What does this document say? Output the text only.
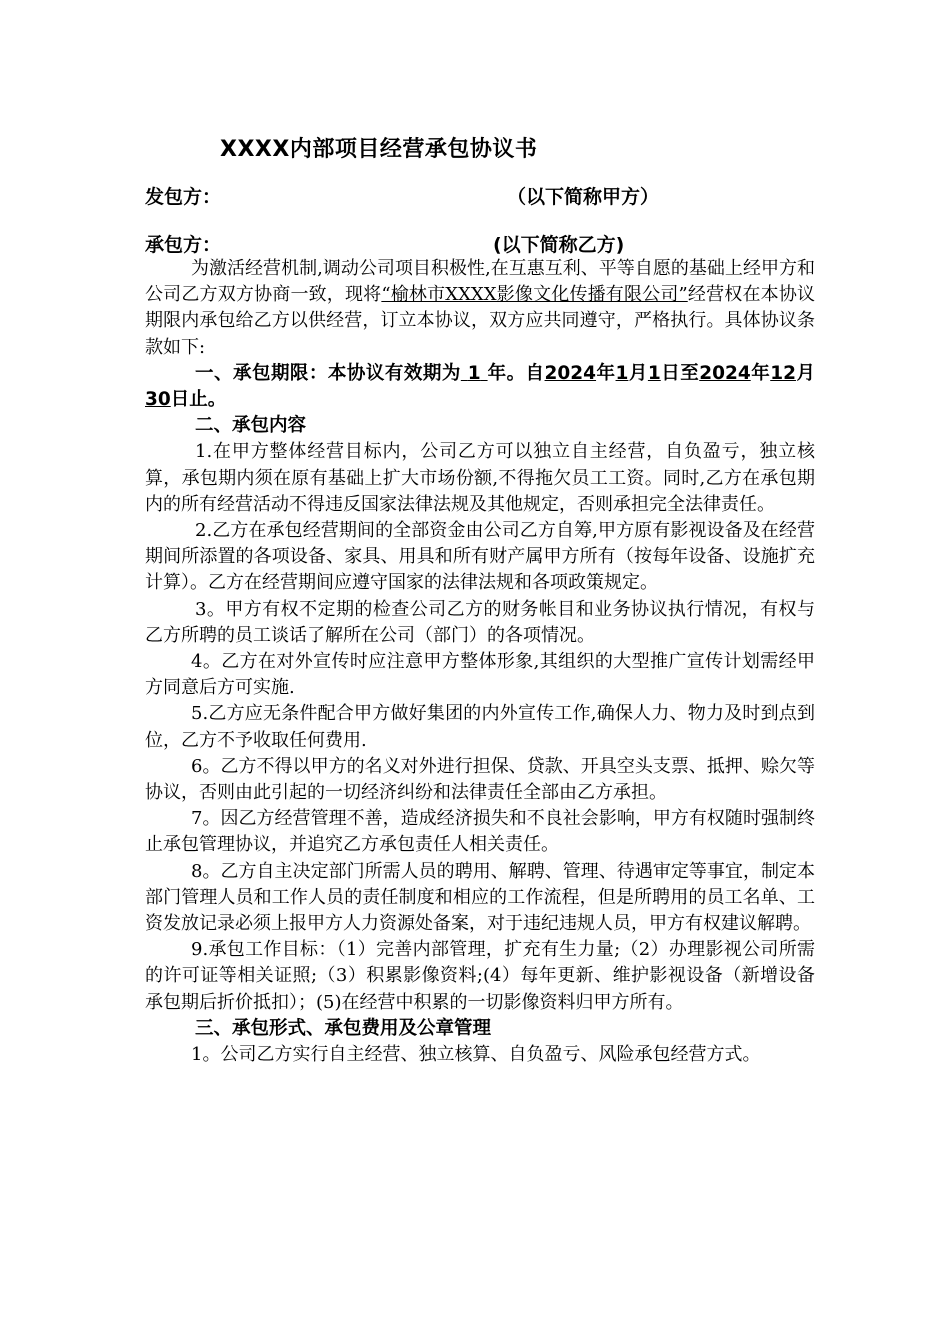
XXXX内部项目经营承包协议书
发包方：	（以下简称甲方）
承包方：	(以下简称乙方)

为激活经营机制,调动公司项目积极性,在互惠互利、平等自愿的基础上经甲方和公司乙方双方协商一致，现将“榆林市XXXX影像文化传播有限公司”经营权在本协议期限内承包给乙方以供经营，订立本协议，双方应共同遵守，严格执行。具体协议条款如下:

一、承包期限：本协议有效期为 1 年。自2024年1月1日至2024年12月30日止。

二、承包内容

1.在甲方整体经营目标内，公司乙方可以独立自主经营，自负盈亏，独立核算，承包期内须在原有基础上扩大市场份额,不得拖欠员工工资。同时,乙方在承包期内的所有经营活动不得违反国家法律法规及其他规定，否则承担完全法律责任。

2.乙方在承包经营期间的全部资金由公司乙方自筹,甲方原有影视设备及在经营期间所添置的各项设备、家具、用具和所有财产属甲方所有（按每年设备、设施扩充计算）。乙方在经营期间应遵守国家的法律法规和各项政策规定。

3。甲方有权不定期的检查公司乙方的财务帐目和业务协议执行情况，有权与乙方所聘的员工谈话了解所在公司（部门）的各项情况。

4。乙方在对外宣传时应注意甲方整体形象,其组织的大型推广宣传计划需经甲方同意后方可实施.

5.乙方应无条件配合甲方做好集团的内外宣传工作,确保人力、物力及时到点到位，乙方不予收取任何费用.

6。乙方不得以甲方的名义对外进行担保、贷款、开具空头支票、抵押、赊欠等协议，否则由此引起的一切经济纠纷和法律责任全部由乙方承担。

7。因乙方经营管理不善，造成经济损失和不良社会影响，甲方有权随时强制终止承包管理协议，并追究乙方承包责任人相关责任。

8。乙方自主决定部门所需人员的聘用、解聘、管理、待遇审定等事宜，制定本部门管理人员和工作人员的责任制度和相应的工作流程，但是所聘用的员工名单、工资发放记录必须上报甲方人力资源处备案，对于违纪违规人员，甲方有权建议解聘。

9.承包工作目标：（1）完善内部管理，扩充有生力量;（2）办理影视公司所需的许可证等相关证照;（3）积累影像资料;(4）每年更新、维护影视设备（新增设备承包期后折价抵扣）；(5)在经营中积累的一切影像资料归甲方所有。

三、承包形式、承包费用及公章管理

1。公司乙方实行自主经营、独立核算、自负盈亏、风险承包经营方式。
